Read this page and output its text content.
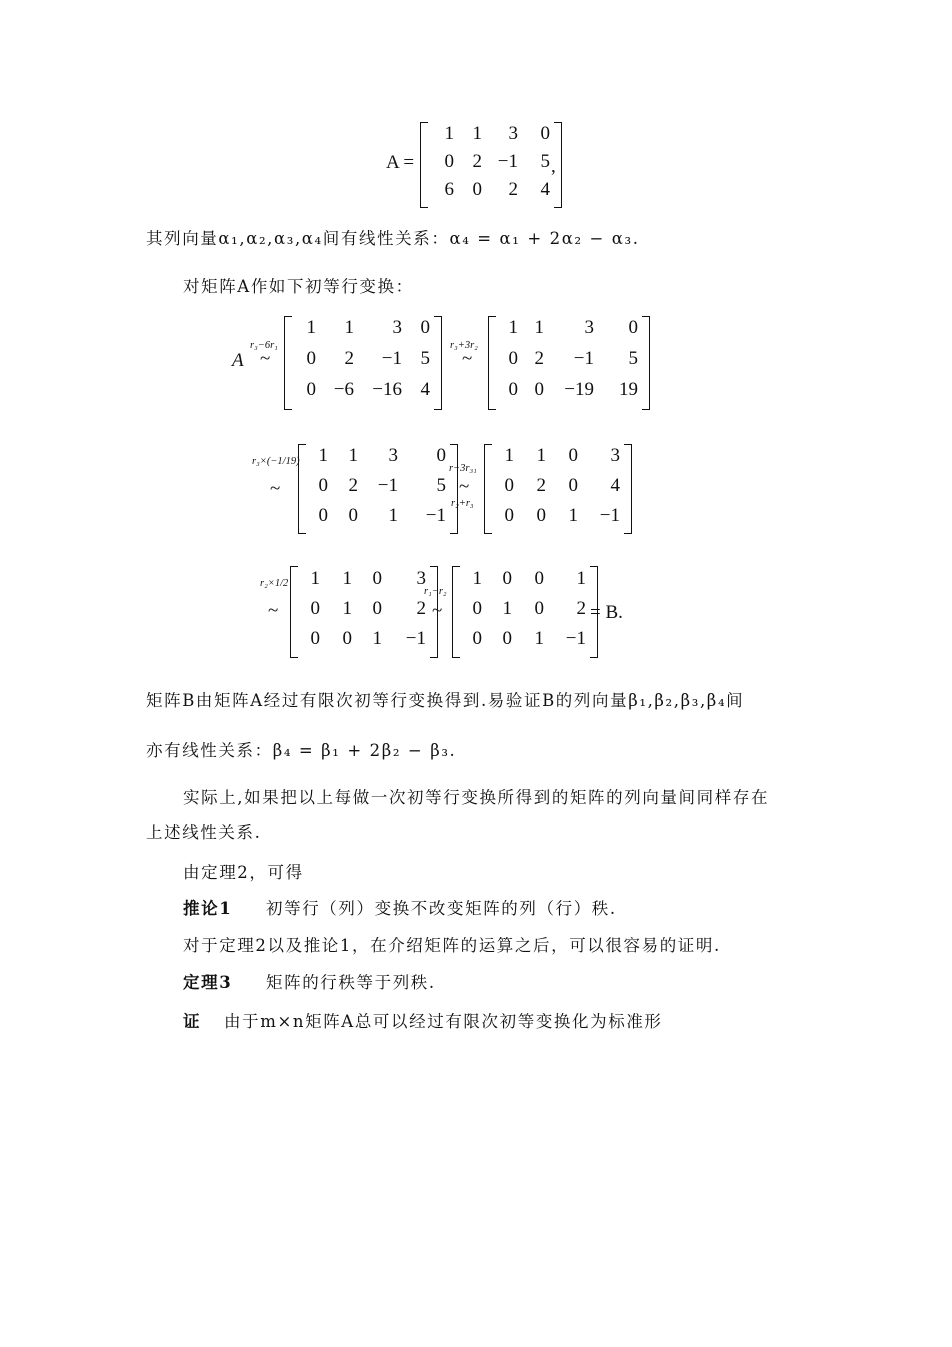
A =
1 1	3	0
0 2 −1	5
6 0	2	4
,
其列向量α₁,α₂,α₃,α₄间有线性关系：α₄ = α₁ + 2α₂ − α₃.
对矩阵A作如下初等行变换：
A
r₃−6r₁
~
1	1	3 0
0	2	−1 5
0 −6 −16 4
r₃+3r₂
~
1 1	3	0
0 2	−1	5
0 0	−19	19
r₃×(−1/19)
~
1	1	3	0
0	2	−1	5
0	0	1	−1
r−3r₃₁
~
r₂+r₃
1	1	0	3
0	2	0	4
0	0	1	−1
r₂×1/2
~
1	1	0	3
0	1	0	2
0	0	1	−1
r₁−r₂
~
1	0	0	1
0	1	0	2
0	0	1	−1
= B.
矩阵B由矩阵A经过有限次初等行变换得到.易验证B的列向量β₁,β₂,β₃,β₄间
亦有线性关系：β₄ = β₁ + 2β₂ − β₃.
实际上,如果把以上每做一次初等行变换所得到的矩阵的列向量间同样存在
上述线性关系.
由定理2，可得
推论1 初等行（列）变换不改变矩阵的列（行）秩.
对于定理2以及推论1，在介绍矩阵的运算之后，可以很容易的证明.
定理3 矩阵的行秩等于列秩.
证 由于m×n矩阵A总可以经过有限次初等变换化为标准形
